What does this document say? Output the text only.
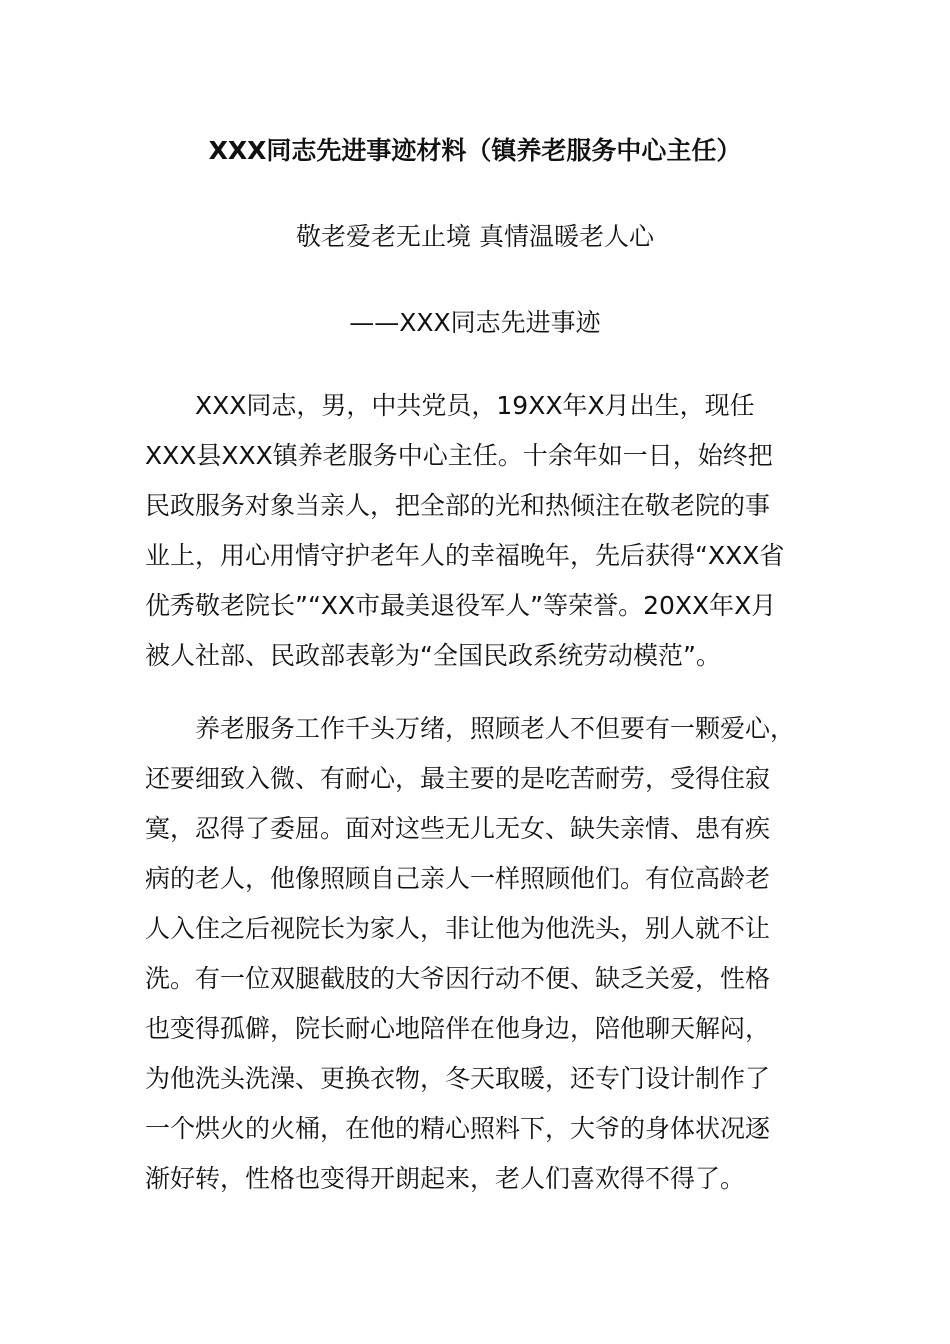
XXX同志先进事迹材料（镇养老服务中心主任）
敬老爱老无止境 真情温暖老人心
——XXX同志先进事迹
XXX同志，男，中共党员，19XX年X月出生，现任
XXX县XXX镇养老服务中心主任。十余年如一日，始终把
民政服务对象当亲人，把全部的光和热倾注在敬老院的事
业上，用心用情守护老年人的幸福晚年，先后获得“XXX省
优秀敬老院长”“XX市最美退役军人”等荣誉。20XX年X月
被人社部、民政部表彰为“全国民政系统劳动模范”。
养老服务工作千头万绪，照顾老人不但要有一颗爱心，
还要细致入微、有耐心，最主要的是吃苦耐劳，受得住寂
寞，忍得了委屈。面对这些无儿无女、缺失亲情、患有疾
病的老人，他像照顾自己亲人一样照顾他们。有位高龄老
人入住之后视院长为家人，非让他为他洗头，别人就不让
洗。有一位双腿截肢的大爷因行动不便、缺乏关爱，性格
也变得孤僻，院长耐心地陪伴在他身边，陪他聊天解闷，
为他洗头洗澡、更换衣物，冬天取暖，还专门设计制作了
一个烘火的火桶，在他的精心照料下，大爷的身体状况逐
渐好转，性格也变得开朗起来，老人们喜欢得不得了。
